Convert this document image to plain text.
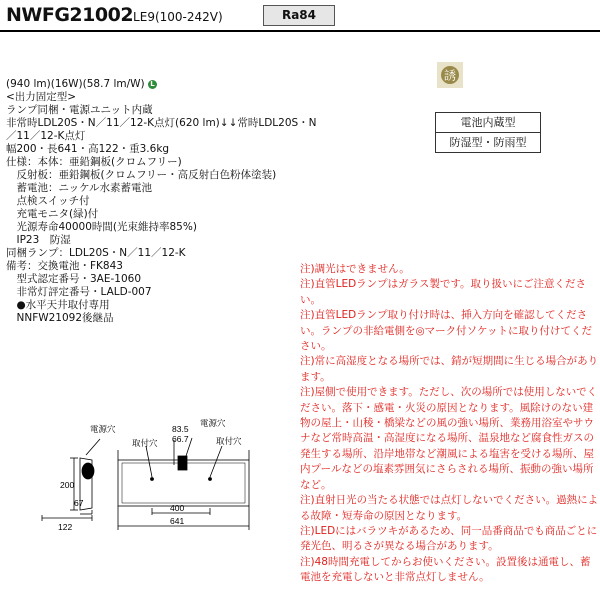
NWFG21002LE9(100-242V)	Ra84
(940 lm)(16W)(58.7 lm/W) L
<出力固定型>
ランプ同梱・電源ユニット内蔵
非常時LDL20S・N／11／12-K点灯(620 lm)↓↓常時LDL20S・N
／11／12-K点灯
幅200・長641・高122・重3.6kg
仕様：本体：亜鉛鋼板(クロムフリー)
　反射板：亜鉛鋼板(クロムフリー・高反射白色粉体塗装)
　蓄電池：ニッケル水素蓄電池
　点検スイッチ付
　充電モニタ(緑)付
　光源寿命40000時間(光束維持率85%)
　IP23　防湿
同梱ランプ：LDL20S・N／11／12-K
備考：交換電池・FK843
　型式認定番号・3AE-1060
　非常灯評定番号・LALD-007
　●水平天井取付専用
　NNFW21092後継品
誘
電池内蔵型
防湿型・防雨型

注)調光はできません。

注)直管LEDランプはガラス製です。取り扱いにご注意ください。

注)直管LEDランプ取り付け時は、挿入方向を確認してください。ランプの非給電側を◎マーク付ソケットに取り付けてください。

注)常に高湿度となる場所では、錆が短期間に生じる場合があります。

注)屋側で使用できます。ただし、次の場所では使用しないでください。落下・感電・火災の原因となります。風除けのない建物の屋上・山稜・橋梁などの風の強い場所、業務用浴室やサウナなど常時高温・高湿度になる場所、温泉地など腐食性ガスの発生する場所、沿岸地帯など潮風による塩害を受ける場所、屋内プールなどの塩素雰囲気にさらされる場所、振動の強い場所など。

注)直射日光の当たる状態では点灯しないでください。過熱による故障・短寿命の原因となります。

注)LEDにはバラツキがあるため、同一品番商品でも商品ごとに発光色、明るさが異なる場合があります。

注)48時間充電してからお使いください。設置後は通電し、蓄電池を充電しないと非常点灯しません。

電源穴
取付穴
電源穴
取付穴
83.5
66.7
200
67
122
400
641
